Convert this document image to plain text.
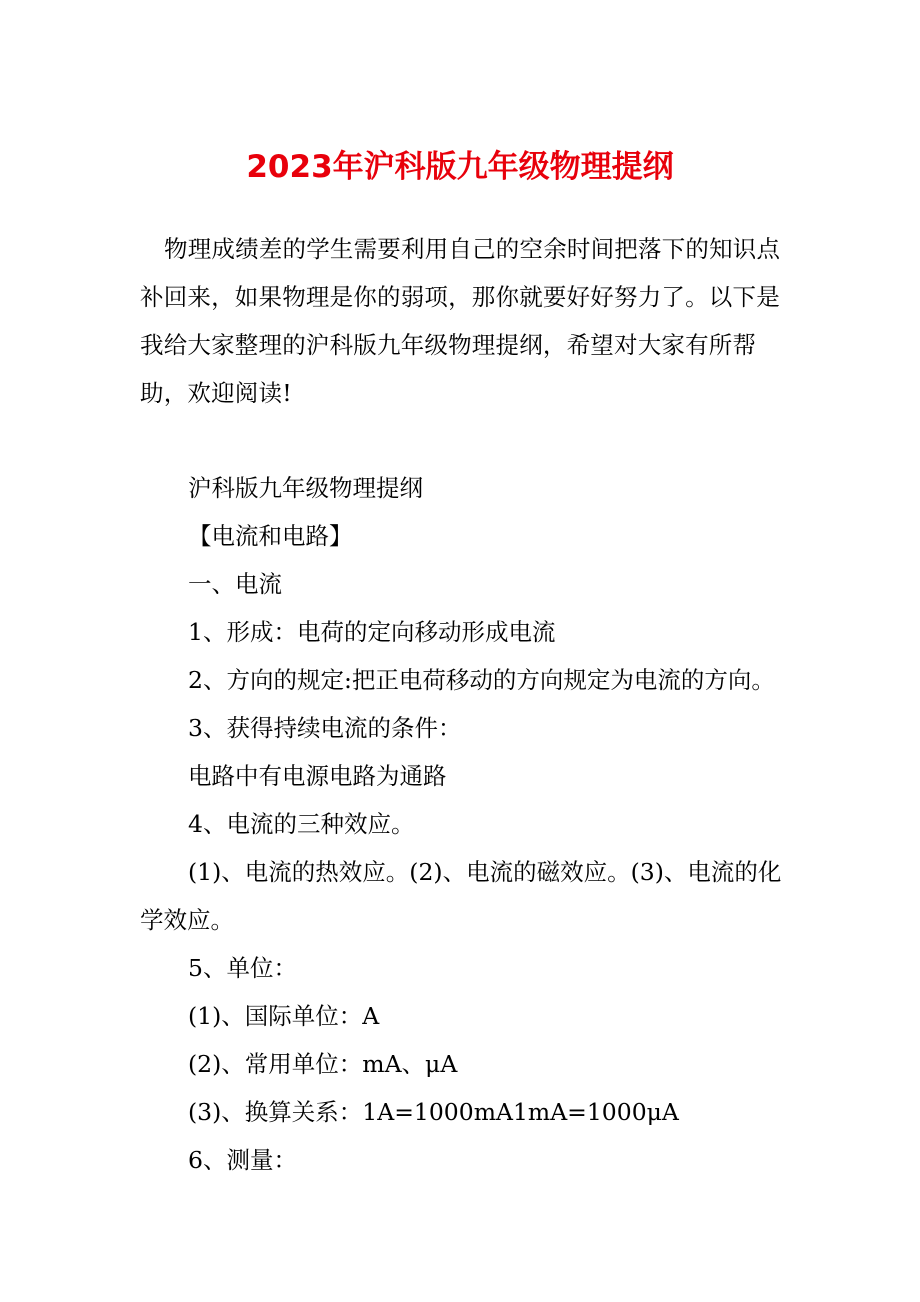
2023年沪科版九年级物理提纲

物理成绩差的学生需要利用自己的空余时间把落下的知识点补回来，如果物理是你的弱项，那你就要好好努力了。以下是我给大家整理的沪科版九年级物理提纲，希望对大家有所帮助，欢迎阅读!

沪科版九年级物理提纲

【电流和电路】

一、电流

1、形成：电荷的定向移动形成电流

2、方向的规定:把正电荷移动的方向规定为电流的方向。

3、获得持续电流的条件：

电路中有电源电路为通路

4、电流的三种效应。

(1)、电流的热效应。(2)、电流的磁效应。(3)、电流的化学效应。

5、单位：

(1)、国际单位：A

(2)、常用单位：mA、μA

(3)、换算关系：1A=1000mA1mA=1000μA

6、测量：
